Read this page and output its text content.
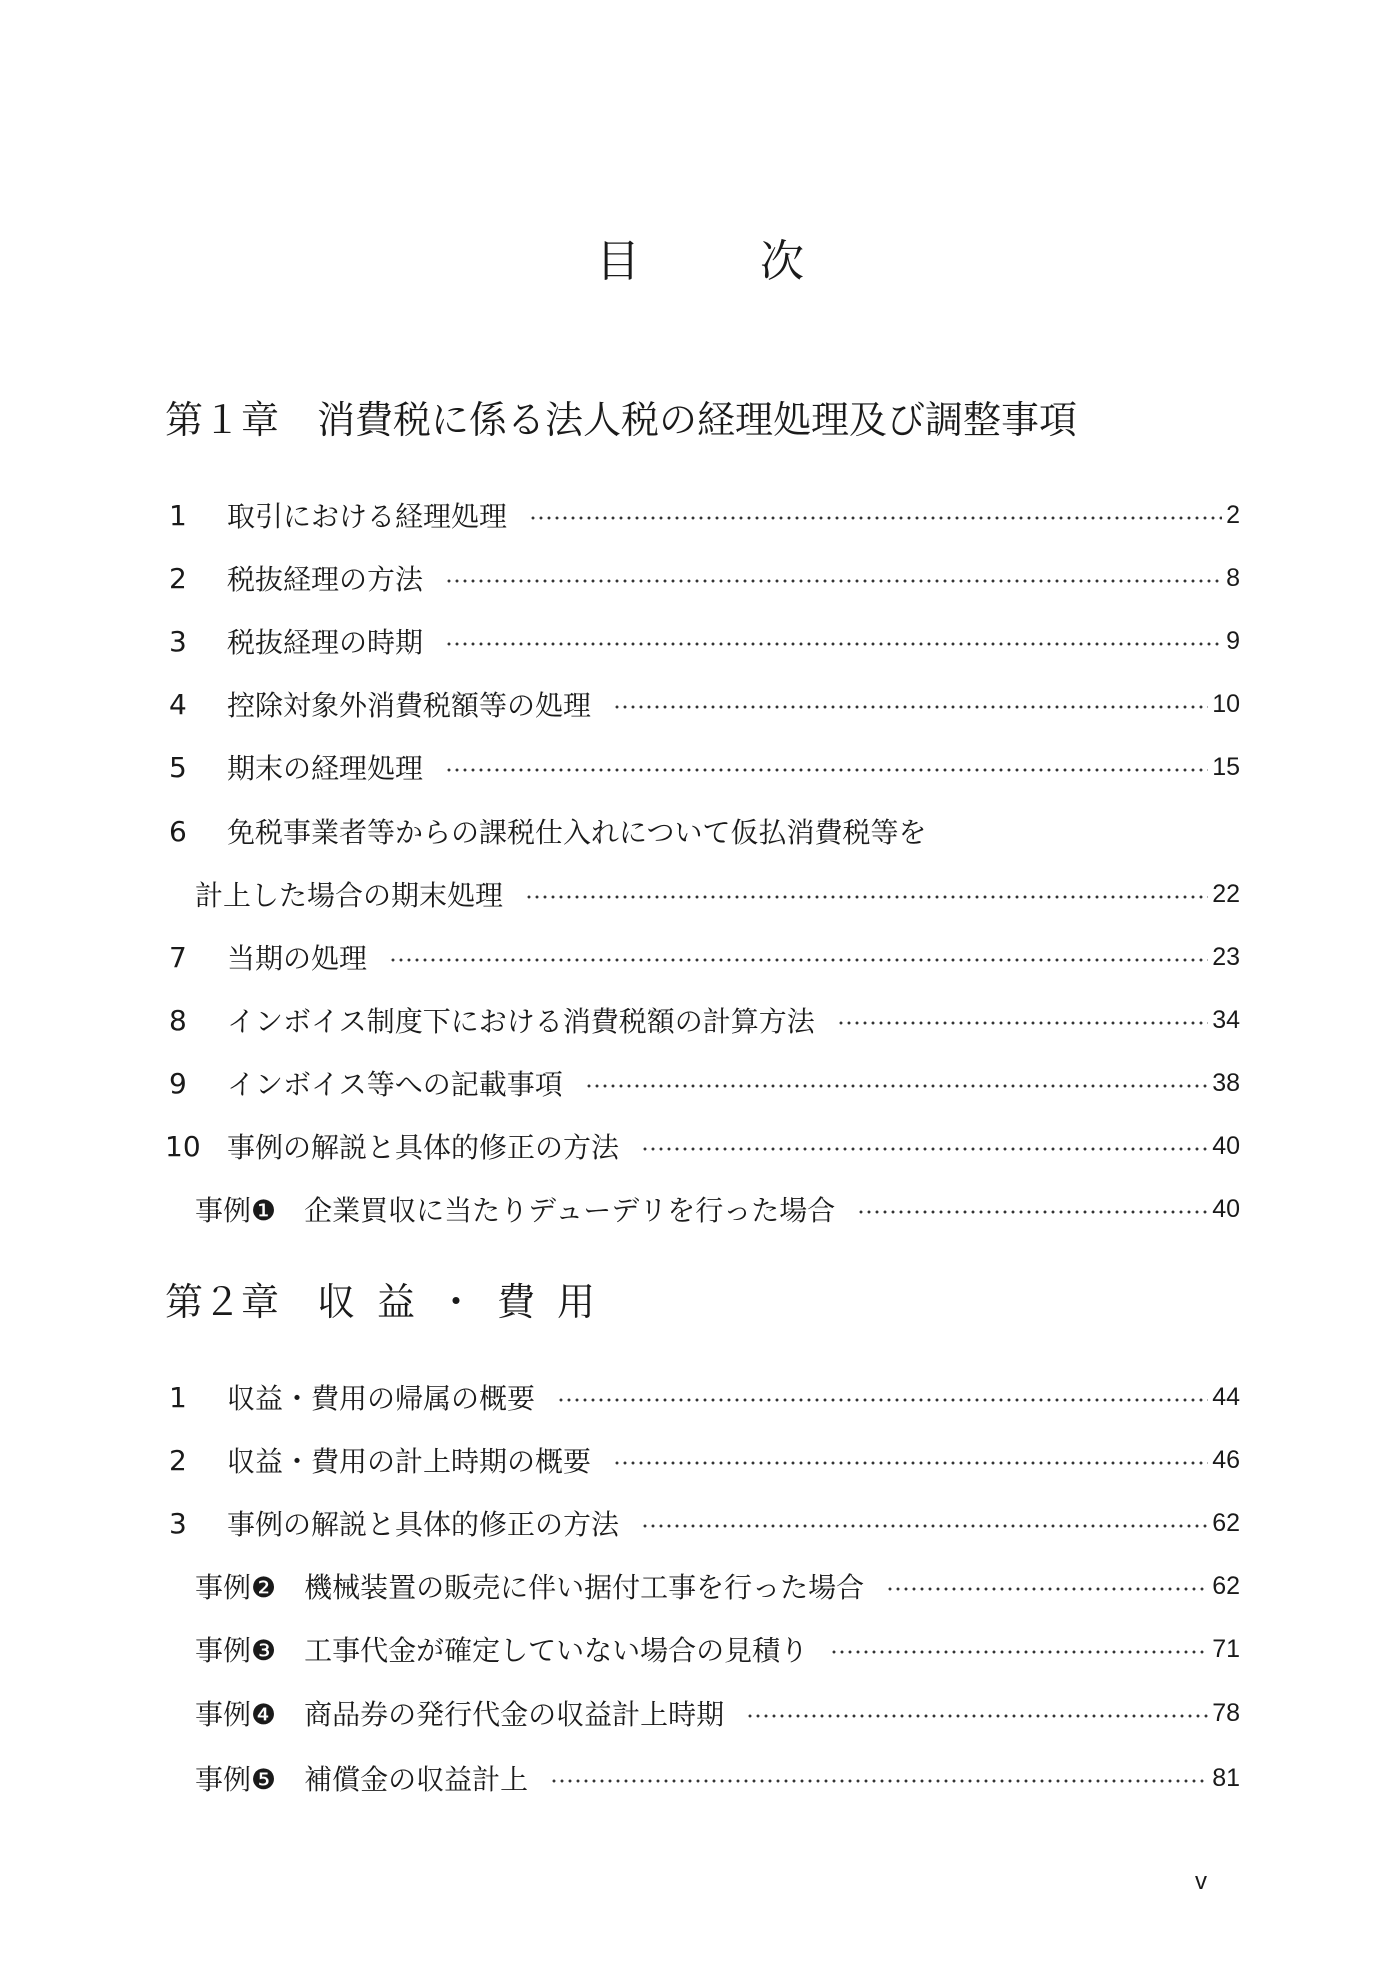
目	次
第１章 消費税に係る法人税の経理処理及び調整事項
1	取引における経理処理	2
2	税抜経理の方法	8
3	税抜経理の時期	9
4	控除対象外消費税額等の処理	10
5	期末の経理処理	15
6	免税事業者等からの課税仕入れについて仮払消費税等を
計上した場合の期末処理	22
7	当期の処理	23
8	インボイス制度下における消費税額の計算方法	34
9	インボイス等への記載事項	38
10 事例の解説と具体的修正の方法	40
事例❶ 企業買収に当たりデューデリを行った場合	40
第２章 収益・費用
1	収益・費用の帰属の概要	44
2	収益・費用の計上時期の概要	46
3	事例の解説と具体的修正の方法	62
事例❷ 機械装置の販売に伴い据付工事を行った場合	62
事例❸ 工事代金が確定していない場合の見積り	71
事例❹ 商品券の発行代金の収益計上時期	78
事例❺ 補償金の収益計上	81
v
